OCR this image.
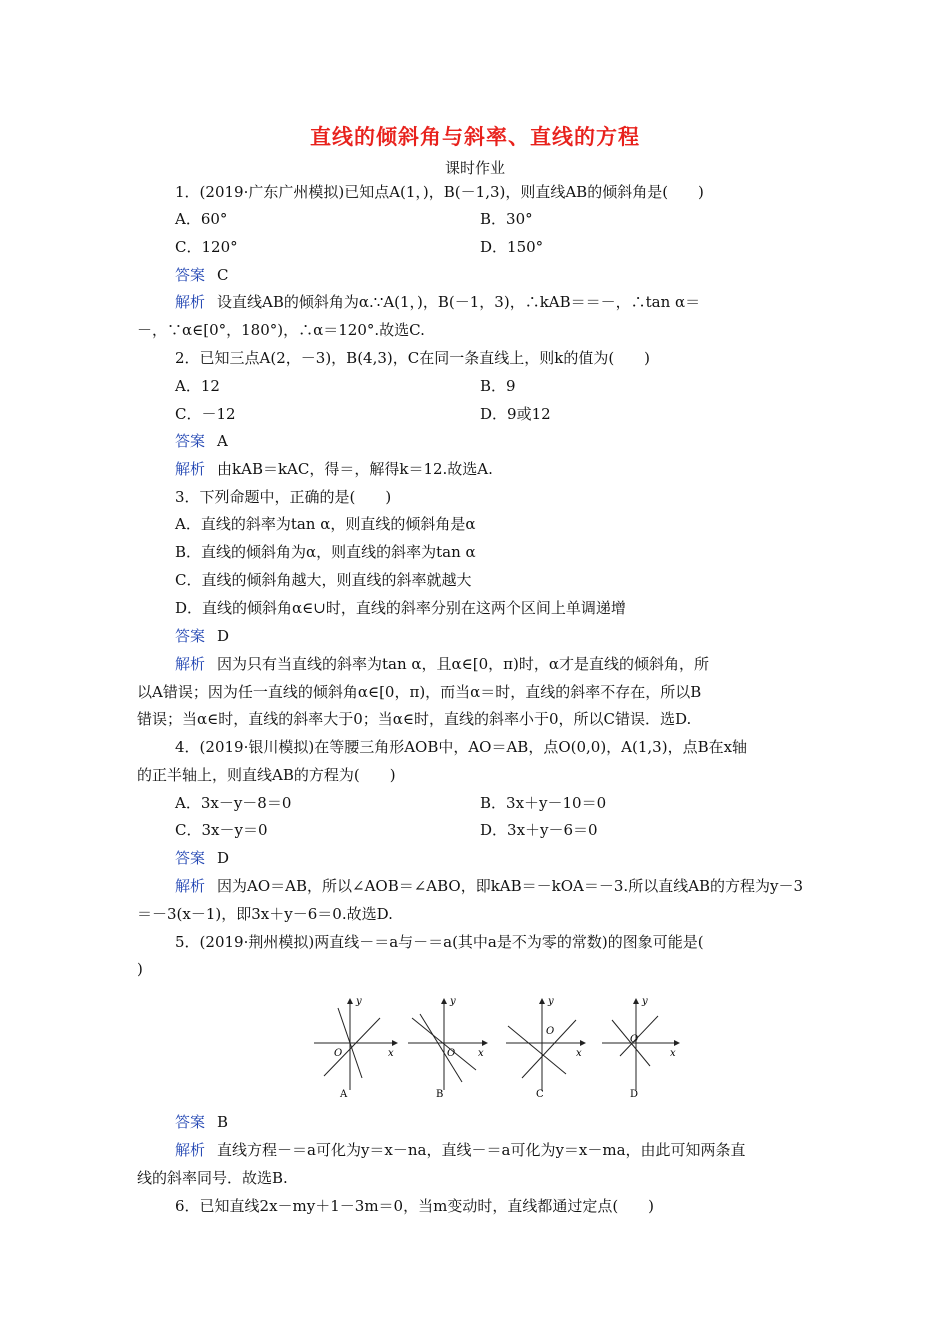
直线的倾斜角与斜率、直线的方程
课时作业
1．(2019·广东广州模拟)已知点A(1，)，B(－1,3)，则直线AB的倾斜角是(　　)
A．60°	B．30°
C．120°	D．150°
答案 C
解析 设直线AB的倾斜角为α.∵A(1，)，B(－1，3)，∴kAB＝＝－，∴tan α＝
－，∵α∈[0°，180°)，∴α＝120°.故选C.
2．已知三点A(2，－3)，B(4,3)，C在同一条直线上，则k的值为(　　)
A．12	B．9
C．－12	D．9或12
答案 A
解析 由kAB＝kAC，得＝，解得k＝12.故选A.
3．下列命题中，正确的是(　　)
A．直线的斜率为tan α，则直线的倾斜角是α
B．直线的倾斜角为α，则直线的斜率为tan α
C．直线的倾斜角越大，则直线的斜率就越大
D．直线的倾斜角α∈∪时，直线的斜率分别在这两个区间上单调递增
答案 D
解析 因为只有当直线的斜率为tan α，且α∈[0，π)时，α才是直线的倾斜角，所
以A错误；因为任一直线的倾斜角α∈[0，π)，而当α＝时，直线的斜率不存在，所以B
错误；当α∈时，直线的斜率大于0；当α∈时，直线的斜率小于0，所以C错误．选D.
4．(2019·银川模拟)在等腰三角形AOB中，AO＝AB，点O(0,0)，A(1,3)，点B在x轴
的正半轴上，则直线AB的方程为(　　)
A．3x－y－8＝0	B．3x＋y－10＝0
C．3x－y＝0	D．3x＋y－6＝0
答案 D
解析 因为AO＝AB，所以∠AOB＝∠ABO，即kAB＝－kOA＝－3.所以直线AB的方程为y－3
＝－3(x－1)，即3x＋y－6＝0.故选D.
5．(2019·荆州模拟)两直线－＝a与－＝a(其中a是不为零的常数)的图象可能是(
)
x
y
O
A
x
y
O
B
x
y
O
C
x
y
O
D
答案 B
解析 直线方程－＝a可化为y＝x－na，直线－＝a可化为y＝x－ma，由此可知两条直
线的斜率同号．故选B.
6．已知直线2x－my＋1－3m＝0，当m变动时，直线都通过定点(　　)
